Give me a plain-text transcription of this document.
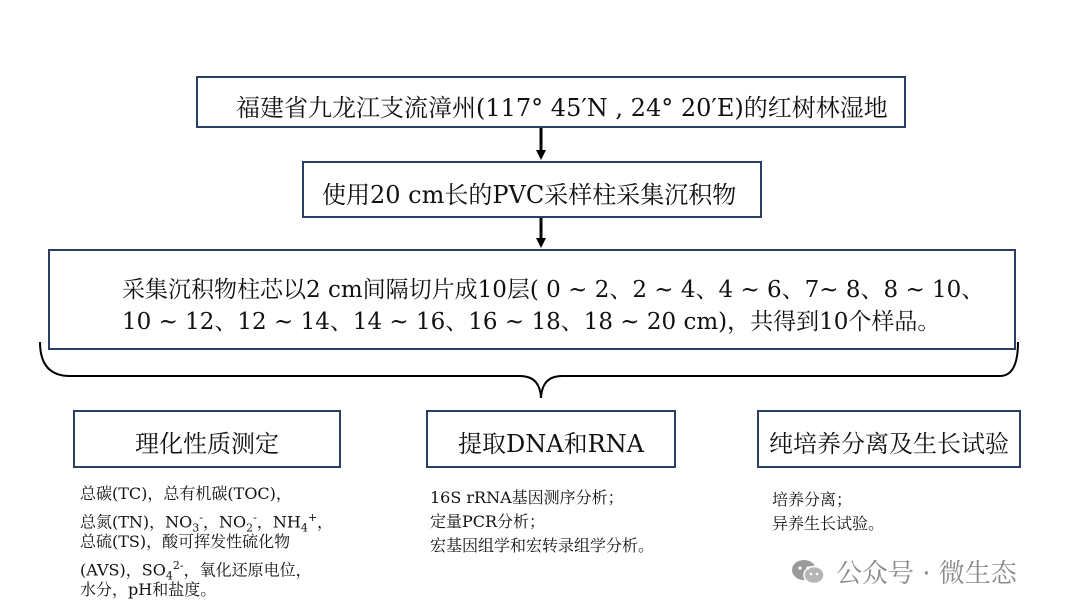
福建省九龙江支流漳州(117° 45′N , 24° 20′E)的红树林湿地
使用20 cm长的PVC采样柱采集沉积物
采集沉积物柱芯以2 cm间隔切片成10层( 0 ~ 2、2 ~ 4、4 ~ 6、7~ 8、8 ~ 10、
10 ~ 12、12 ~ 14、14 ~ 16、16 ~ 18、18 ~ 20 cm)，共得到10个样品。
理化性质测定	提取DNA和RNA	纯培养分离及生长试验
总碳(TC)，总有机碳(TOC)，
总氮(TN)，$NO_3^-$，$NO_2^-$，$NH_4^+$，
总硫(TS)，酸可挥发性硫化物
(AVS)，$SO_4^{2-}$，氧化还原电位，
水分，pH和盐度。
16S rRNA基因测序分析；
定量PCR分析；
宏基因组学和宏转录组学分析。
培养分离；
异养生长试验。
公众号 · 微生态
